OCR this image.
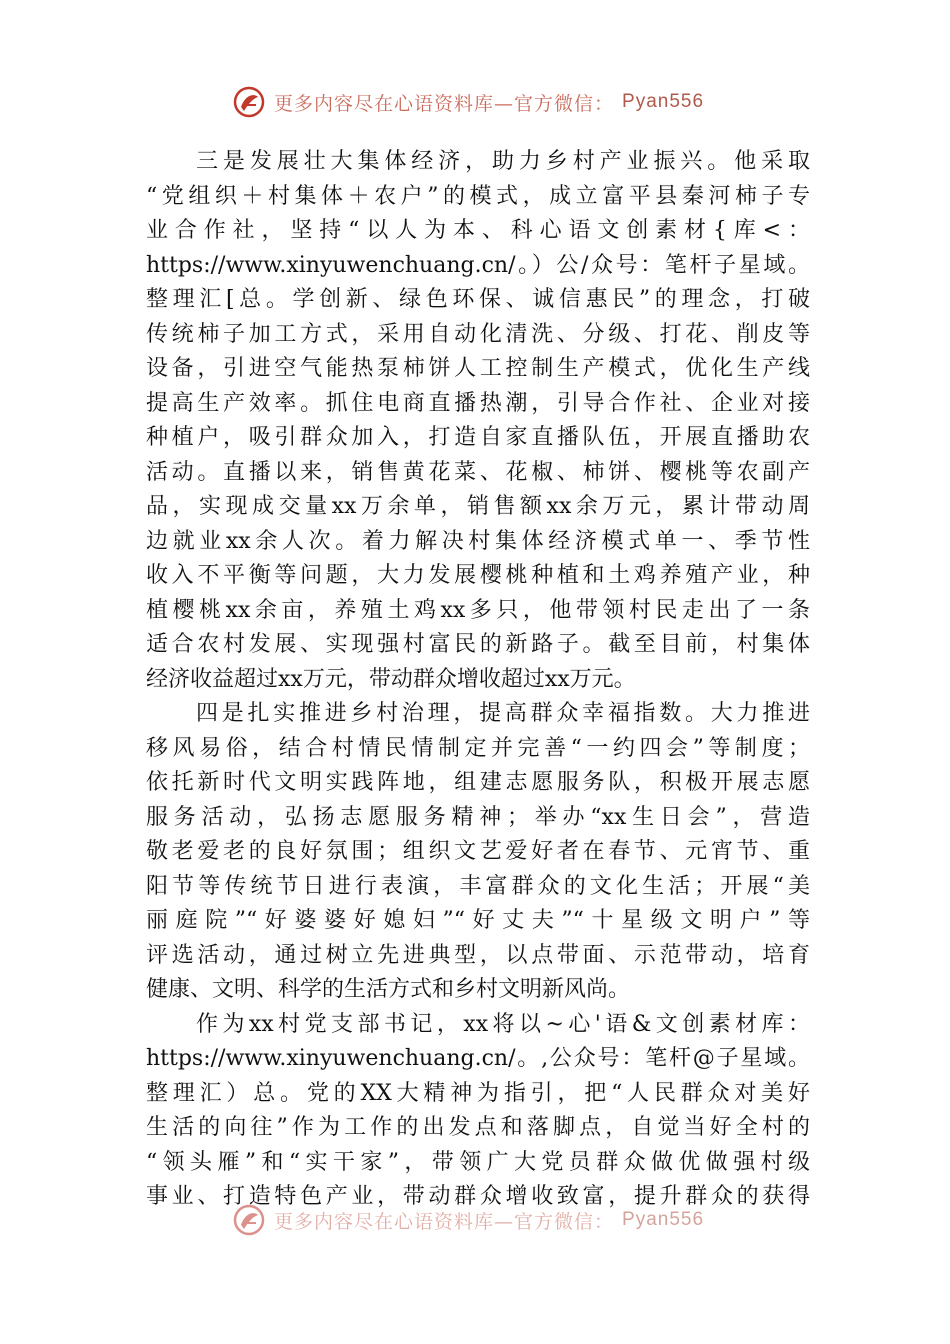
更多内容尽在心语资料库—官方微信： Pyan556
三是发展壮大集体经济，助力乡村产业振兴。他采取
“党组织＋村集体＋农户”的模式，成立富平县秦河柿子专
业合作社，坚持“以人为本、科心语文创素材{库<：
https://www.xinyuwenchuang.cn/。）公/众号：笔杆子星域。
整理汇[总。学创新、绿色环保、诚信惠民”的理念，打破
传统柿子加工方式，采用自动化清洗、分级、打花、削皮等
设备，引进空气能热泵柿饼人工控制生产模式，优化生产线
提高生产效率。抓住电商直播热潮，引导合作社、企业对接
种植户，吸引群众加入，打造自家直播队伍，开展直播助农
活动。直播以来，销售黄花菜、花椒、柿饼、樱桃等农副产
品，实现成交量xx万余单，销售额xx余万元，累计带动周
边就业xx余人次。着力解决村集体经济模式单一、季节性
收入不平衡等问题，大力发展樱桃种植和土鸡养殖产业，种
植樱桃xx余亩，养殖土鸡xx多只，他带领村民走出了一条
适合农村发展、实现强村富民的新路子。截至目前，村集体
经济收益超过xx万元，带动群众增收超过xx万元。
四是扎实推进乡村治理，提高群众幸福指数。大力推进
移风易俗，结合村情民情制定并完善“一约四会”等制度；
依托新时代文明实践阵地，组建志愿服务队，积极开展志愿
服务活动，弘扬志愿服务精神；举办“xx生日会”，营造
敬老爱老的良好氛围；组织文艺爱好者在春节、元宵节、重
阳节等传统节日进行表演，丰富群众的文化生活；开展“美
丽庭院”“好婆婆好媳妇”“好丈夫”“十星级文明户”等
评选活动，通过树立先进典型，以点带面、示范带动，培育
健康、文明、科学的生活方式和乡村文明新风尚。
作为xx村党支部书记，xx将以~心'语&文创素材库：
https://www.xinyuwenchuang.cn/。,公众号：笔杆@子星域。
整理汇）总。党的XX大精神为指引，把“人民群众对美好
生活的向往”作为工作的出发点和落脚点，自觉当好全村的
“领头雁”和“实干家”，带领广大党员群众做优做强村级
事业、打造特色产业，带动群众增收致富，提升群众的获得
更多内容尽在心语资料库—官方微信： Pyan556
